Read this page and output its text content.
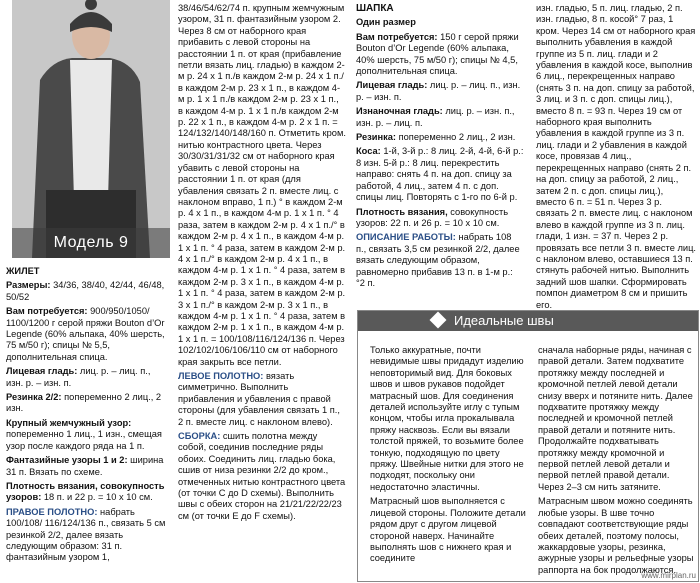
Модель 9

ЖИЛЕТ

Размеры: 34/36, 38/40, 42/44, 46/48, 50/52

Вам потребуется: 900/950/1050/ 1100/1200 г серой пряжи Bouton d’Or Legende (60% альпака, 40% шерсть, 75 м/50 г); спицы № 5,5, дополнительная спица.

Лицевая гладь: лиц. р. – лиц. п., изн. р. – изн. п.

Резинка 2/2: попеременно 2 лиц., 2 изн.

Крупный жемчужный узор: попеременно 1 лиц., 1 изн., смещая узор после каждого ряда на 1 п.

Фантазийные узоры 1 и 2: ширина 31 п. Вязать по схеме.

Плотность вязания, совокупность узоров: 18 п. и 22 р. = 10 х 10 см.

ПРАВОЕ ПОЛОТНО: набрать 100/108/ 116/124/136 п., связать 5 см резинкой 2/2, далее вязать следующим образом: 31 п. фантазийным узором 1,

38/46/54/62/74 п. крупным жемчужным узором, 31 п. фантазийным узором 2. Через 8 см от наборного края прибавить с левой стороны на расстоянии 1 п. от края (прибавление петли вязать лиц. гладью) в каждом 2-м р. 24 х 1 п./в каждом 2-м р. 24 х 1 п./в каждом 2-м р. 23 х 1 п., в каждом 4-м р. 1 х 1 п./в каждом 2-м р. 23 х 1 п., в каждом 4-м р. 1 х 1 п./в каждом 2-м р. 22 х 1 п., в каждом 4-м р. 2 х 1 п. = 124/132/140/148/160 п. Отметить кром. нитью контрастного цвета. Через 30/30/31/31/32 см от наборного края убавить с левой стороны на расстоянии 1 п. от края (для убавления связать 2 п. вместе лиц. с наклоном вправо, 1 п.) ° в каждом 2-м р. 4 х 1 п., в каждом 4-м р. 1 х 1 п. ° 4 раза, затем в каждом 2-м р. 4 х 1 п./° в каждом 2-м р. 4 х 1 п., в каждом 4-м р. 1 х 1 п. ° 4 раза, затем в каждом 2-м р. 4 х 1 п./° в каждом 2-м р. 4 х 1 п., в каждом 4-м р. 1 х 1 п. ° 4 раза, затем в каждом 2-м р. 3 х 1 п., в каждом 4-м р. 1 х 1 п. ° 4 раза, затем в каждом 2-м р. 3 х 1 п./° в каждом 2-м р. 3 х 1 п., в каждом 4-м р. 1 х 1 п. ° 4 раза, затем в каждом 2-м р. 1 х 1 п., в каждом 4-м р. 1 х 1 п. = 100/108/116/124/136 п. Через 102/102/106/106/110 см от наборного края закрыть все петли.

ЛЕВОЕ ПОЛОТНО: вязать симметрично. Выполнить прибавления и убавления с правой стороны (для убавления связать 1 п., 2 п. вместе лиц. с наклоном влево).

СБОРКА: сшить полотна между собой, соединив последние ряды обоих. Соединить лиц. гладью бока, сшив от низа резинки 2/2 до кром., отмеченных нитью контрастного цвета (от точки С до D схемы). Выполнить швы с обеих сторон на 21/21/22/22/23 см (от точки Е до F схемы).

ШАПКА

Один размер

Вам потребуется: 150 г серой пряжи Bouton d’Or Legende (60% альпака, 40% шерсть, 75 м/50 г); спицы № 4,5, дополнительная спица.

Лицевая гладь: лиц. р. – лиц. п., изн. р. – изн. п.

Изнаночная гладь: лиц. р. – изн. п., изн. р. – лиц. п.

Резинка: попеременно 2 лиц., 2 изн.

Коса: 1-й, 3-й р.: 8 лиц. 2-й, 4-й, 6-й р.: 8 изн. 5-й р.: 8 лиц. перекрестить направо: снять 4 п. на доп. спицу за работой, 4 лиц., затем 4 п. с доп. спицы лиц. Повторять с 1-го по 6-й р.

Плотность вязания, совокупность узоров: 22 п. и 26 р. = 10 х 10 см.

ОПИСАНИЕ РАБОТЫ: набрать 108 п., связать 3,5 см резинкой 2/2, далее вязать следующим образом, равномерно прибавив 13 п. в 1-м р.: °2 п.

изн. гладью, 5 п. лиц. гладью, 2 п. изн. гладью, 8 п. косой° 7 раз, 1 кром. Через 14 см от наборного края выполнить убавления в каждой группе из 5 п. лиц. глади и 2 убавления в каждой косе, выполнив 6 лиц., перекрещенных направо (снять 3 п. на доп. спицу за работой, 3 лиц. и 3 п. с доп. спицы лиц.), вместо 8 п. = 93 п. Через 19 см от наборного края выполнить убавления в каждой группе из 3 п. лиц. глади и 2 убавления в каждой косе, провязав 4 лиц., перекрещенных направо (снять 2 п. на доп. спицу за работой, 2 лиц., затем 2 п. с доп. спицы лиц.), вместо 6 п. = 51 п. Через 3 р. связать 2 п. вместе лиц. с наклоном влево в каждой группе из 3 п. лиц. глади, 1 изн. = 37 п. Через 2 р. провязать все петли 3 п. вместе лиц. с наклоном влево, оставшиеся 13 п. стянуть рабочей нитью. Выполнить задний шов шапки. Сформировать помпон диаметром 8 см и пришить его.

Идеальные швы

Только аккуратные, почти невидимые швы придадут изделию неповторимый вид. Для боковых швов и швов рукавов подойдет матрасный шов. Для соединения деталей используйте иглу с тупым концом, чтобы игла прокалывала пряжу насквозь. Если вы вязали толстой пряжей, то возьмите более тонкую, подходящую по цвету пряжу. Швейные нитки для этого не подходят, поскольку они недостаточно эластичны.

Матрасный шов выполняется с лицевой стороны. Положите детали рядом друг с другом лицевой стороной наверх. Начинайте выполнять шов с нижнего края и соедините

сначала наборные ряды, начиная с правой детали. Затем подхватите протяжку между последней и кромочной петлей левой детали снизу вверх и потяните нить. Далее подхватите протяжку между последней и кромочной петлей правой детали и потяните нить. Продолжайте подхватывать протяжку между кромочной и первой петлей левой детали и первой петлей правой детали. Через 2–3 см нить затяните.

Матрасным швом можно соединять любые узоры. В шве точно совпадают соответствующие ряды обеих деталей, поэтому полосы, жаккардовые узоры, резинка, ажурные узоры и рельефные узоры раппорта на бок продолжаются.

www.mirplan.ru
